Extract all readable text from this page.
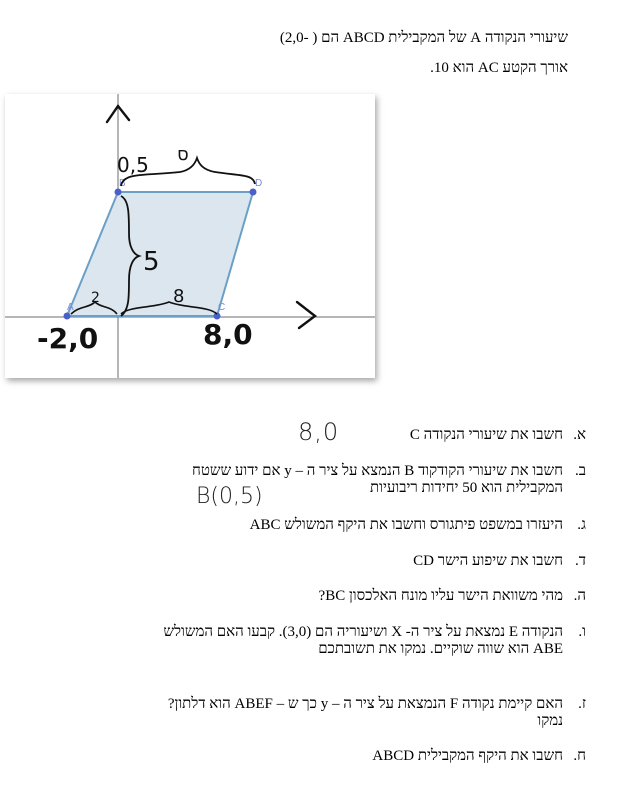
שיעורי הנקודה A של המקבילית ABCD הם ( -2,0)
אורך הקטע AC הוא 10.
A
B
C
D
0,5 ס
5
2	8
-2,0	8,0
א.
חשבו את שיעורי הנקודה C
ב.
חשבו את שיעורי הקודקוד B הנמצא על ציר ה – y אם ידוע ששטח
המקבילית הוא 50 יחידות ריבועיות
ג.
היעזרו במשפט פיתגורס וחשבו את היקף המשולש ABC
ד.
חשבו את שיפוע הישר CD
ה.
מהי משוואת הישר עליו מונח האלכסון BC?
ו.
הנקודה E נמצאת על ציר ה- X ושיעוריה הם (3,0). קבעו האם המשולש
ABE הוא שווה שוקיים. נמקו את תשובתכם
ז.
האם קיימת נקודה F הנמצאת על ציר ה – y כך ש – ABEF הוא דלתון?
נמקו
ח.
חשבו את היקף המקבילית ABCD
8,0
B(0,5)
